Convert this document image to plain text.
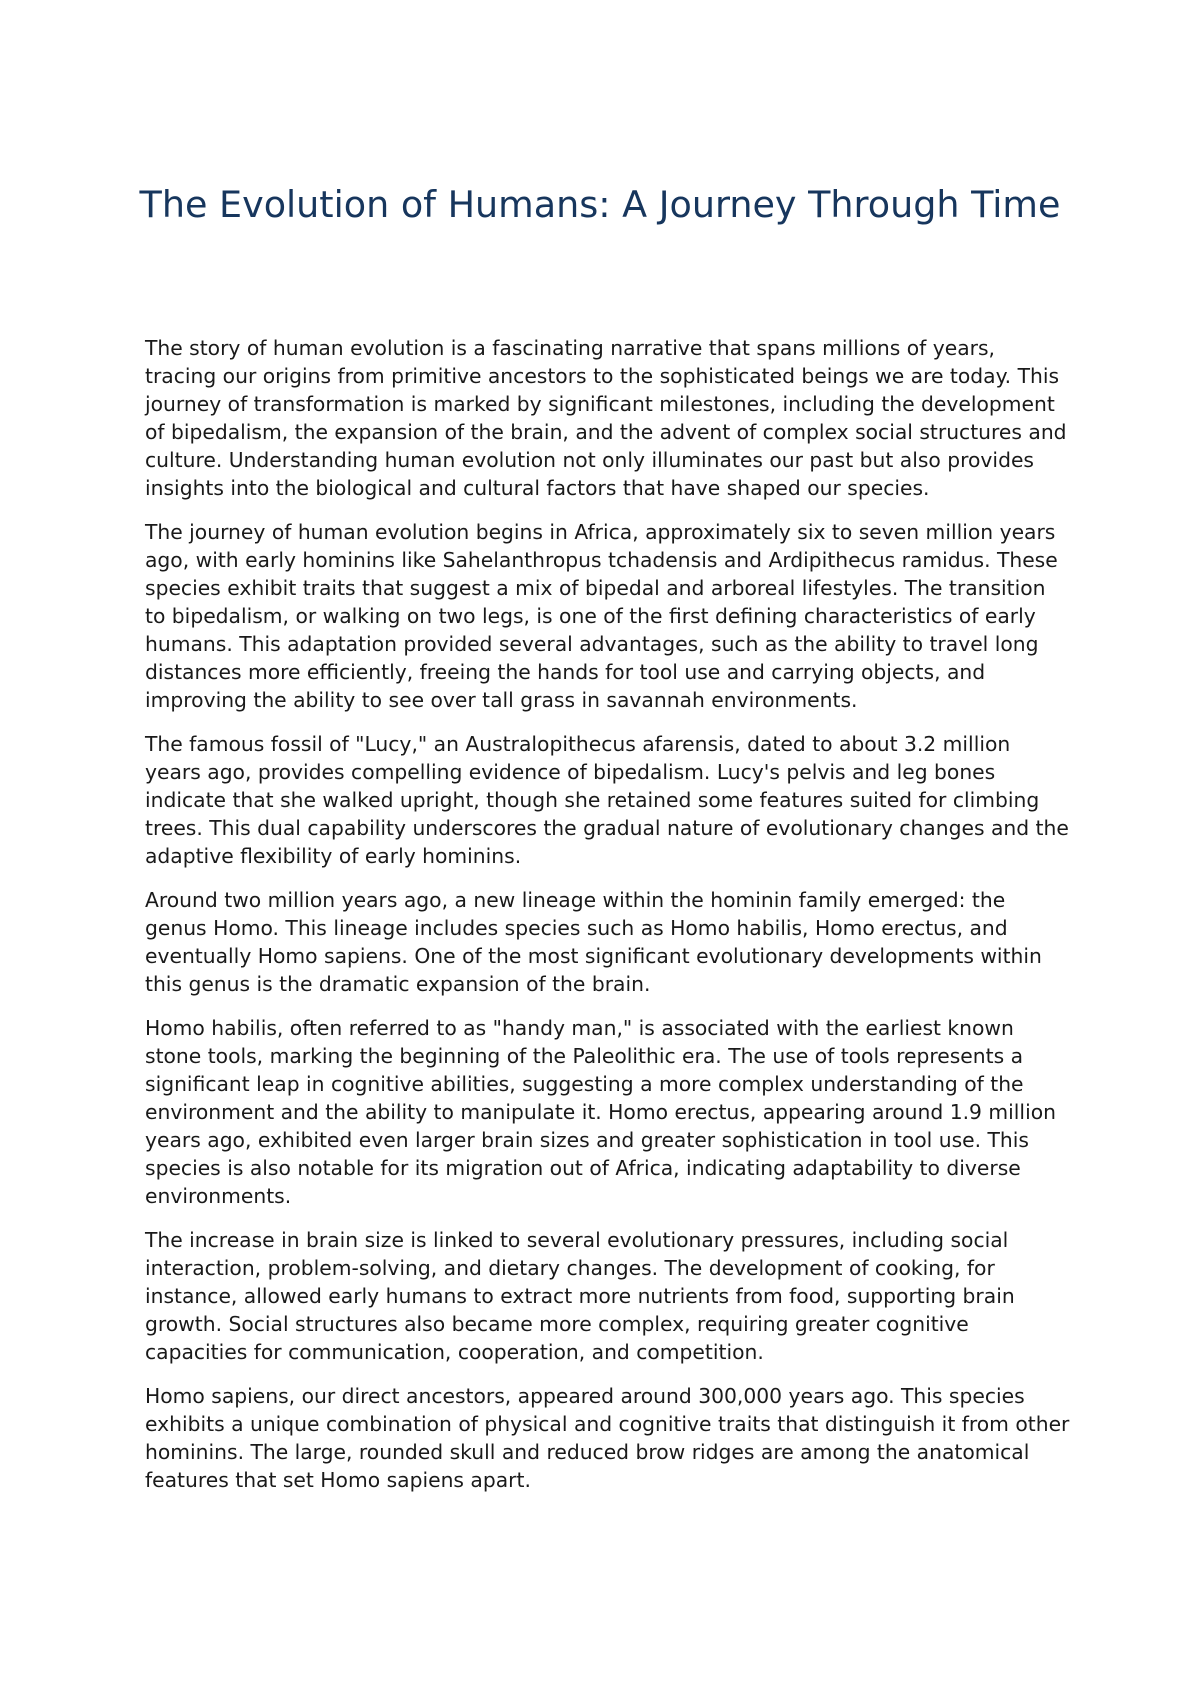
The Evolution of Humans: A Journey Through Time

The story of human evolution is a fascinating narrative that spans millions of years, tracing our origins from primitive ancestors to the sophisticated beings we are today. This journey of transformation is marked by significant milestones, including the development of bipedalism, the expansion of the brain, and the advent of complex social structures and culture. Understanding human evolution not only illuminates our past but also provides insights into the biological and cultural factors that have shaped our species.

The journey of human evolution begins in Africa, approximately six to seven million years ago, with early hominins like Sahelanthropus tchadensis and Ardipithecus ramidus. These species exhibit traits that suggest a mix of bipedal and arboreal lifestyles. The transition to bipedalism, or walking on two legs, is one of the first defining characteristics of early humans. This adaptation provided several advantages, such as the ability to travel long distances more efficiently, freeing the hands for tool use and carrying objects, and improving the ability to see over tall grass in savannah environments.

The famous fossil of "Lucy," an Australopithecus afarensis, dated to about 3.2 million years ago, provides compelling evidence of bipedalism. Lucy's pelvis and leg bones indicate that she walked upright, though she retained some features suited for climbing trees. This dual capability underscores the gradual nature of evolutionary changes and the adaptive flexibility of early hominins.

Around two million years ago, a new lineage within the hominin family emerged: the genus Homo. This lineage includes species such as Homo habilis, Homo erectus, and eventually Homo sapiens. One of the most significant evolutionary developments within this genus is the dramatic expansion of the brain.

Homo habilis, often referred to as "handy man," is associated with the earliest known stone tools, marking the beginning of the Paleolithic era. The use of tools represents a significant leap in cognitive abilities, suggesting a more complex understanding of the environment and the ability to manipulate it. Homo erectus, appearing around 1.9 million years ago, exhibited even larger brain sizes and greater sophistication in tool use. This species is also notable for its migration out of Africa, indicating adaptability to diverse environments.

The increase in brain size is linked to several evolutionary pressures, including social interaction, problem-solving, and dietary changes. The development of cooking, for instance, allowed early humans to extract more nutrients from food, supporting brain growth. Social structures also became more complex, requiring greater cognitive capacities for communication, cooperation, and competition.

Homo sapiens, our direct ancestors, appeared around 300,000 years ago. This species exhibits a unique combination of physical and cognitive traits that distinguish it from other hominins. The large, rounded skull and reduced brow ridges are among the anatomical features that set Homo sapiens apart.
